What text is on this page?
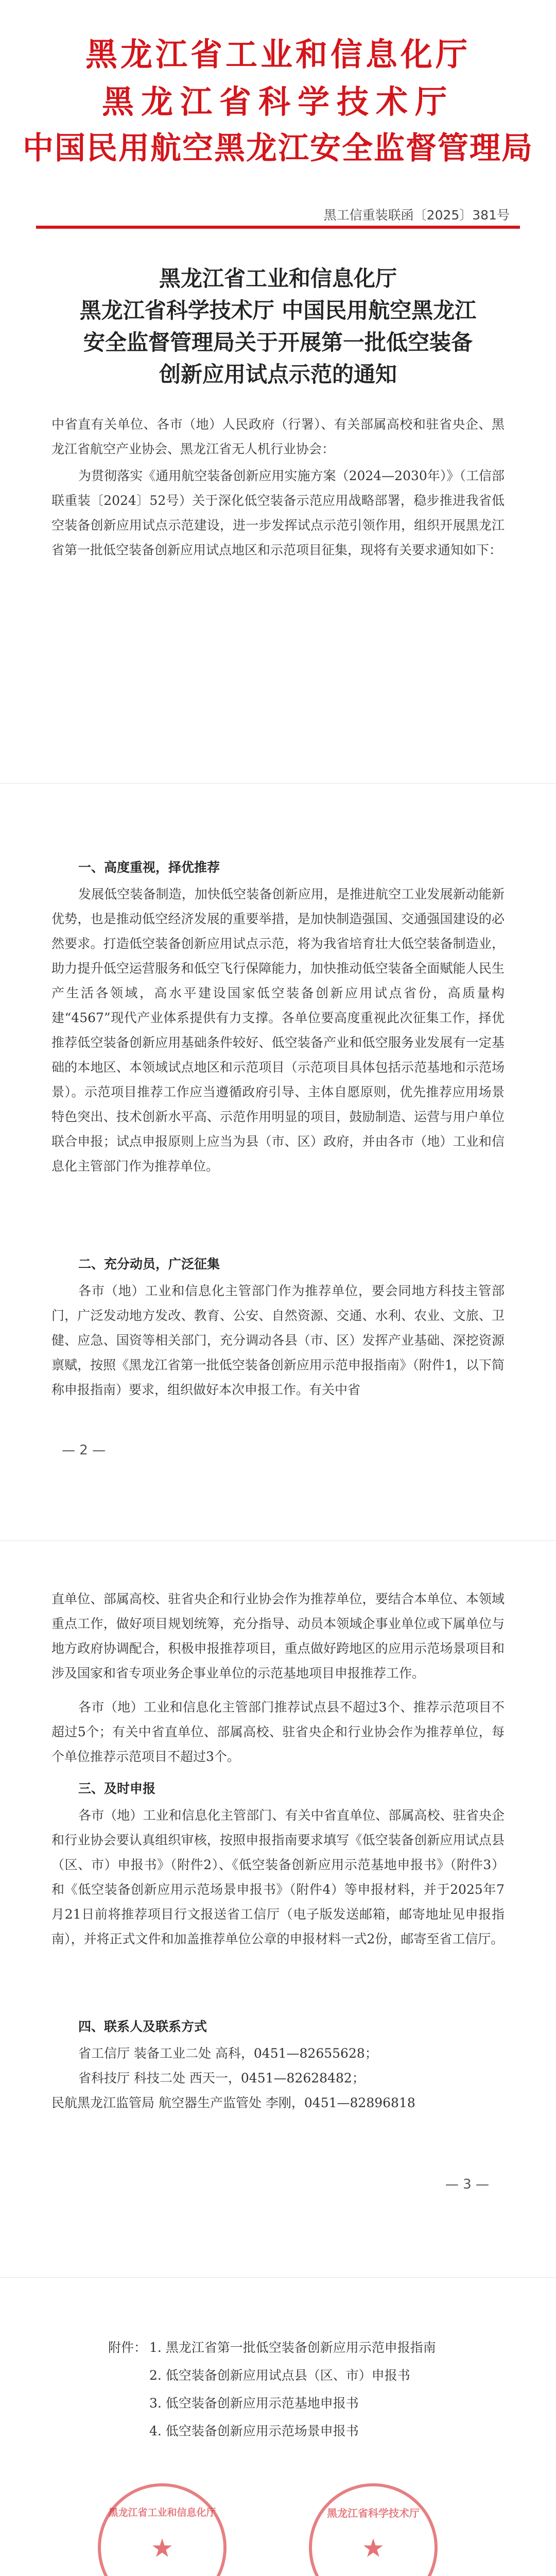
黑龙江省工业和信息化厅
黑龙江省科学技术厅
中国民用航空黑龙江安全监督管理局
黑工信重装联函〔2025〕381号
黑龙江省工业和信息化厅
黑龙江省科学技术厅 中国民用航空黑龙江
安全监督管理局关于开展第一批低空装备
创新应用试点示范的通知
中省直有关单位、各市（地）人民政府（行署）、有关部属高校和驻省央企、黑龙江省航空产业协会、黑龙江省无人机行业协会：
为贯彻落实《通用航空装备创新应用实施方案（2024—2030年）》（工信部联重装〔2024〕52号）关于深化低空装备示范应用战略部署，稳步推进我省低空装备创新应用试点示范建设，进一步发挥试点示范引领作用，组织开展黑龙江省第一批低空装备创新应用试点地区和示范项目征集，现将有关要求通知如下：
一、高度重视，择优推荐
发展低空装备制造，加快低空装备创新应用，是推进航空工业发展新动能新优势，也是推动低空经济发展的重要举措，是加快制造强国、交通强国建设的必然要求。打造低空装备创新应用试点示范，将为我省培育壮大低空装备制造业，助力提升低空运营服务和低空飞行保障能力，加快推动低空装备全面赋能人民生产生活各领域，高水平建设国家低空装备创新应用试点省份，高质量构建“4567”现代产业体系提供有力支撑。各单位要高度重视此次征集工作，择优推荐低空装备创新应用基础条件较好、低空装备产业和低空服务业发展有一定基础的本地区、本领域试点地区和示范项目（示范项目具体包括示范基地和示范场景）。示范项目推荐工作应当遵循政府引导、主体自愿原则，优先推荐应用场景特色突出、技术创新水平高、示范作用明显的项目，鼓励制造、运营与用户单位联合申报；试点申报原则上应当为县（市、区）政府，并由各市（地）工业和信息化主管部门作为推荐单位。
二、充分动员，广泛征集
各市（地）工业和信息化主管部门作为推荐单位，要会同地方科技主管部门，广泛发动地方发改、教育、公安、自然资源、交通、水利、农业、文旅、卫健、应急、国资等相关部门，充分调动各县（市、区）发挥产业基础、深挖资源禀赋，按照《黑龙江省第一批低空装备创新应用示范申报指南》（附件1，以下简称申报指南）要求，组织做好本次申报工作。有关中省
— 2 —
直单位、部属高校、驻省央企和行业协会作为推荐单位，要结合本单位、本领域重点工作，做好项目规划统筹，充分指导、动员本领域企事业单位或下属单位与地方政府协调配合，积极申报推荐项目，重点做好跨地区的应用示范场景项目和涉及国家和省专项业务企事业单位的示范基地项目申报推荐工作。
各市（地）工业和信息化主管部门推荐试点县不超过3个、推荐示范项目不超过5个；有关中省直单位、部属高校、驻省央企和行业协会作为推荐单位，每个单位推荐示范项目不超过3个。
三、及时申报
各市（地）工业和信息化主管部门、有关中省直单位、部属高校、驻省央企和行业协会要认真组织审核，按照申报指南要求填写《低空装备创新应用试点县（区、市）申报书》（附件2）、《低空装备创新应用示范基地申报书》（附件3）和《低空装备创新应用示范场景申报书》（附件4）等申报材料，并于2025年7月21日前将推荐项目行文报送省工信厅（电子版发送邮箱，邮寄地址见申报指南），并将正式文件和加盖推荐单位公章的申报材料一式2份，邮寄至省工信厅。
四、联系人及联系方式
省工信厅 装备工业二处 高科，0451—82655628；
省科技厅 科技二处 西天一，0451—82628482；
民航黑龙江监管局 航空器生产监管处 李刚，0451—82896818
— 3 —
附件： 1. 黑龙江省第一批低空装备创新应用示范申报指南
2. 低空装备创新应用试点县（区、市）申报书
3. 低空装备创新应用示范基地申报书
4. 低空装备创新应用示范场景申报书
黑龙江省工业和信息化厅
★
黑龙江省科学技术厅
★
